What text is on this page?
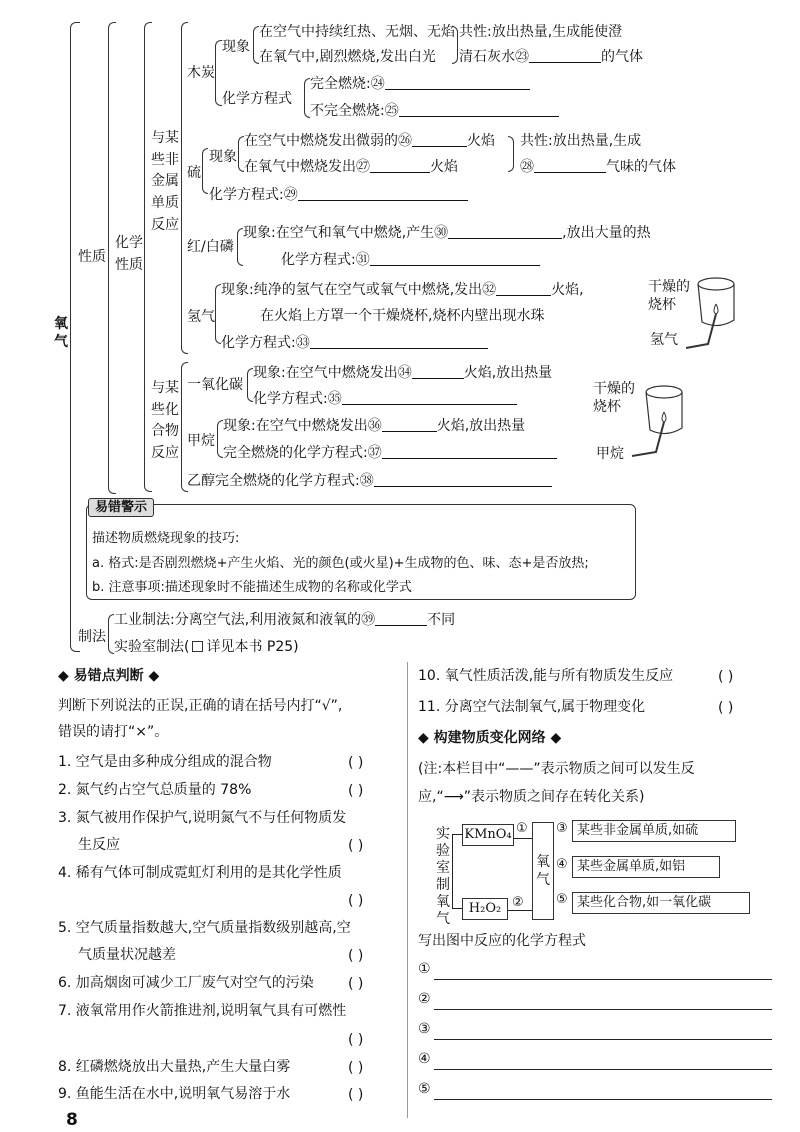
氧气
性质
化学性质
与某些非金属单质反应
木炭
现象
在空气中持续红热、无烟、无焰
在氧气中,剧烈燃烧,发出白光
共性:放出热量,生成能使澄
清石灰水㉓	的气体
化学方程式
完全燃烧:㉔
不完全燃烧:㉕
硫
现象
在空气中燃烧发出微弱的㉖	火焰
在氧气中燃烧发出㉗	火焰
共性:放出热量,生成
㉘	气味的气体
化学方程式:㉙
红/白磷
现象:在空气和氧气中燃烧,产生㉚	,放出大量的热
化学方程式:㉛
氢气
现象:纯净的氢气在空气或氧气中燃烧,发出㉜	火焰,
在火焰上方罩一个干燥烧杯,烧杯内壁出现水珠
化学方程式:㉝
干燥的
烧杯
氢气
与某些化合物反应
一氧化碳
现象:在空气中燃烧发出㉞	火焰,放出热量
化学方程式:㉟
甲烷
现象:在空气中燃烧发出㊱	火焰,放出热量
完全燃烧的化学方程式:㊲
乙醇完全燃烧的化学方程式:㊳
干燥的
烧杯
甲烷
易错警示
描述物质燃烧现象的技巧:
a. 格式:是否剧烈燃烧+产生火焰、光的颜色(或火星)+生成物的色、味、态+是否放热;
b. 注意事项:描述现象时不能描述生成物的名称或化学式
制法
工业制法:分离空气法,利用液氮和液氧的㊴	不同
实验室制法( 详见本书 P25)
◆ 易错点判断 ◆
判断下列说法的正误,正确的请在括号内打“√”,
错误的请打“×”。
1. 空气是由多种成分组成的混合物	( )
2. 氮气约占空气总质量的 78%	( )
3. 氮气被用作保护气,说明氮气不与任何物质发
生反应	( )
4. 稀有气体可制成霓虹灯利用的是其化学性质
( )
5. 空气质量指数越大,空气质量指数级别越高,空
气质量状况越差	( )
6. 加高烟囱可减少工厂废气对空气的污染 ( )
7. 液氧常用作火箭推进剂,说明氧气具有可燃性
( )
8. 红磷燃烧放出大量热,产生大量白雾	( )
9. 鱼能生活在水中,说明氧气易溶于水	( )
10. 氧气性质活泼,能与所有物质发生反应	( )
11. 分离空气法制氧气,属于物理变化	( )
◆ 构建物质变化网络 ◆
(注:本栏目中“——”表示物质之间可以发生反
应,“⟶”表示物质之间存在转化关系)
实验室制氧气
KMnO₄
H₂O₂
①
②
氧气
③
④
⑤
某些非金属单质,如硫
某些金属单质,如铝
某些化合物,如一氧化碳
写出图中反应的化学方程式
①
②
③
④
⑤
8
